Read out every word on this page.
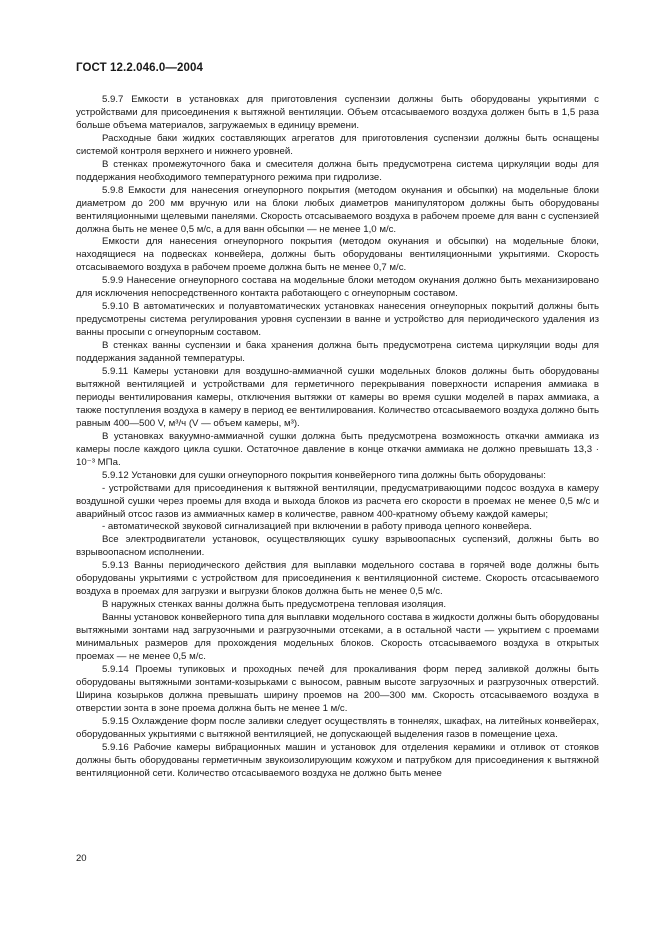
ГОСТ 12.2.046.0—2004

5.9.7 Емкости в установках для приготовления суспензии должны быть оборудованы укрытиями с устройствами для присоединения к вытяжной вентиляции. Объем отсасываемого воздуха должен быть в 1,5 раза больше объема материалов, загружаемых в единицу времени.

Расходные баки жидких составляющих агрегатов для приготовления суспензии должны быть оснащены системой контроля верхнего и нижнего уровней.

В стенках промежуточного бака и смесителя должна быть предусмотрена система циркуляции воды для поддержания необходимого температурного режима при гидролизе.

5.9.8 Емкости для нанесения огнеупорного покрытия (методом окунания и обсыпки) на модельные блоки диаметром до 200 мм вручную или на блоки любых диаметров манипулятором должны быть оборудованы вентиляционными щелевыми панелями. Скорость отсасываемого воздуха в рабочем проеме для ванн с суспензией должна быть не менее 0,5 м/с, а для ванн обсыпки — не менее 1,0 м/с.

Емкости для нанесения огнеупорного покрытия (методом окунания и обсыпки) на модельные блоки, находящиеся на подвесках конвейера, должны быть оборудованы вентиляционными укрытиями. Скорость отсасываемого воздуха в рабочем проеме должна быть не менее 0,7 м/с.

5.9.9 Нанесение огнеупорного состава на модельные блоки методом окунания должно быть механизировано для исключения непосредственного контакта работающего с огнеупорным составом.

5.9.10 В автоматических и полуавтоматических установках нанесения огнеупорных покрытий должны быть предусмотрены система регулирования уровня суспензии в ванне и устройство для периодического удаления из ванны просыпи с огнеупорным составом.

В стенках ванны суспензии и бака хранения должна быть предусмотрена система циркуляции воды для поддержания заданной температуры.

5.9.11 Камеры установки для воздушно-аммиачной сушки модельных блоков должны быть оборудованы вытяжной вентиляцией и устройствами для герметичного перекрывания поверхности испарения аммиака в периоды вентилирования камеры, отключения вытяжки от камеры во время сушки моделей в парах аммиака, а также поступления воздуха в камеру в период ее вентилирования. Количество отсасываемого воздуха должно быть равным 400—500 V, м³/ч (V — объем камеры, м³).

В установках вакуумно-аммиачной сушки должна быть предусмотрена возможность откачки аммиака из камеры после каждого цикла сушки. Остаточное давление в конце откачки аммиака не должно превышать 13,3 · 10⁻³ МПа.

5.9.12 Установки для сушки огнеупорного покрытия конвейерного типа должны быть оборудованы:

- устройствами для присоединения к вытяжной вентиляции, предусматривающими подсос воздуха в камеру воздушной сушки через проемы для входа и выхода блоков из расчета его скорости в проемах не менее 0,5 м/с и аварийный отсос газов из аммиачных камер в количестве, равном 400-кратному объему каждой камеры;

- автоматической звуковой сигнализацией при включении в работу привода цепного конвейера.

Все электродвигатели установок, осуществляющих сушку взрывоопасных суспензий, должны быть во взрывоопасном исполнении.

5.9.13 Ванны периодического действия для выплавки модельного состава в горячей воде должны быть оборудованы укрытиями с устройством для присоединения к вентиляционной системе. Скорость отсасываемого воздуха в проемах для загрузки и выгрузки блоков должна быть не менее 0,5 м/с.

В наружных стенках ванны должна быть предусмотрена тепловая изоляция.

Ванны установок конвейерного типа для выплавки модельного состава в жидкости должны быть оборудованы вытяжными зонтами над загрузочными и разгрузочными отсеками, а в остальной части — укрытием с проемами минимальных размеров для прохождения модельных блоков. Скорость отсасываемого воздуха в открытых проемах — не менее 0,5 м/с.

5.9.14 Проемы тупиковых и проходных печей для прокаливания форм перед заливкой должны быть оборудованы вытяжными зонтами-козырьками с выносом, равным высоте загрузочных и разгрузочных отверстий. Ширина козырьков должна превышать ширину проемов на 200—300 мм. Скорость отсасываемого воздуха в отверстии зонта в зоне проема должна быть не менее 1 м/с.

5.9.15 Охлаждение форм после заливки следует осуществлять в тоннелях, шкафах, на литейных конвейерах, оборудованных укрытиями с вытяжной вентиляцией, не допускающей выделения газов в помещение цеха.

5.9.16 Рабочие камеры вибрационных машин и установок для отделения керамики и отливок от стояков должны быть оборудованы герметичным звукоизолирующим кожухом и патрубком для присоединения к вытяжной вентиляционной сети. Количество отсасываемого воздуха не должно быть менее

20
